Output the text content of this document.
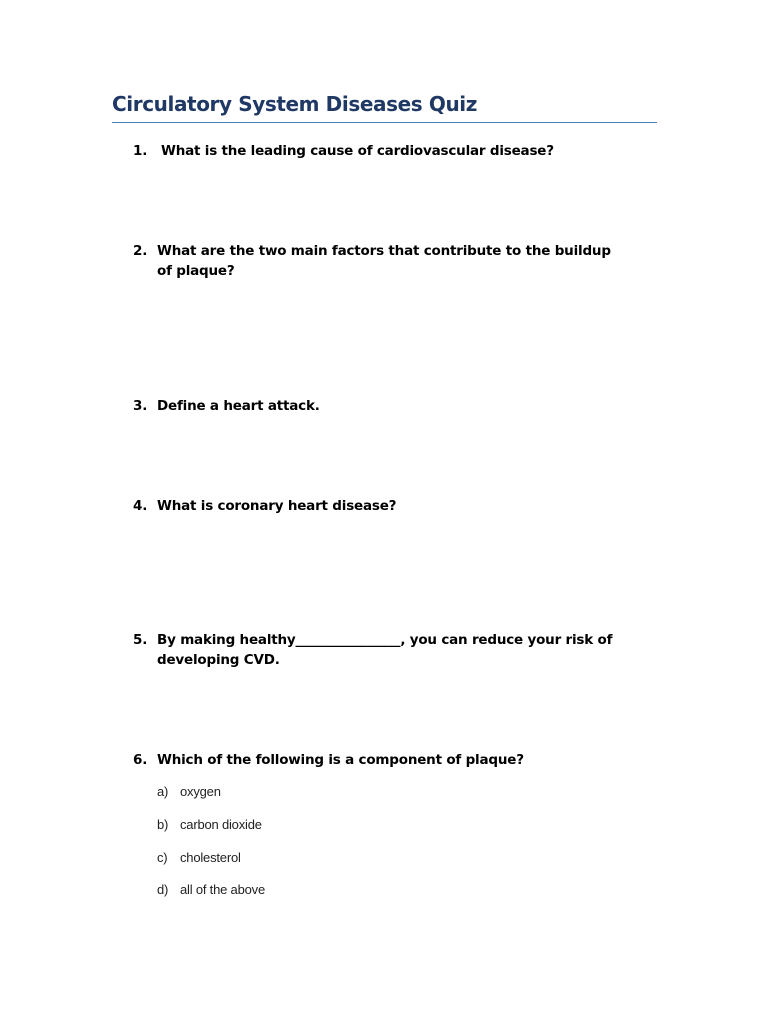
Circulatory System Diseases Quiz
1.	What is the leading cause of cardiovascular disease?
2. What are the two main factors that contribute to the buildup of plaque?
3. Define a heart attack.
4. What is coronary heart disease?
5. By making healthy________________, you can reduce your risk of developing CVD.
6. Which of the following is a component of plaque?
a) oxygen
b) carbon dioxide
c) cholesterol
d) all of the above
